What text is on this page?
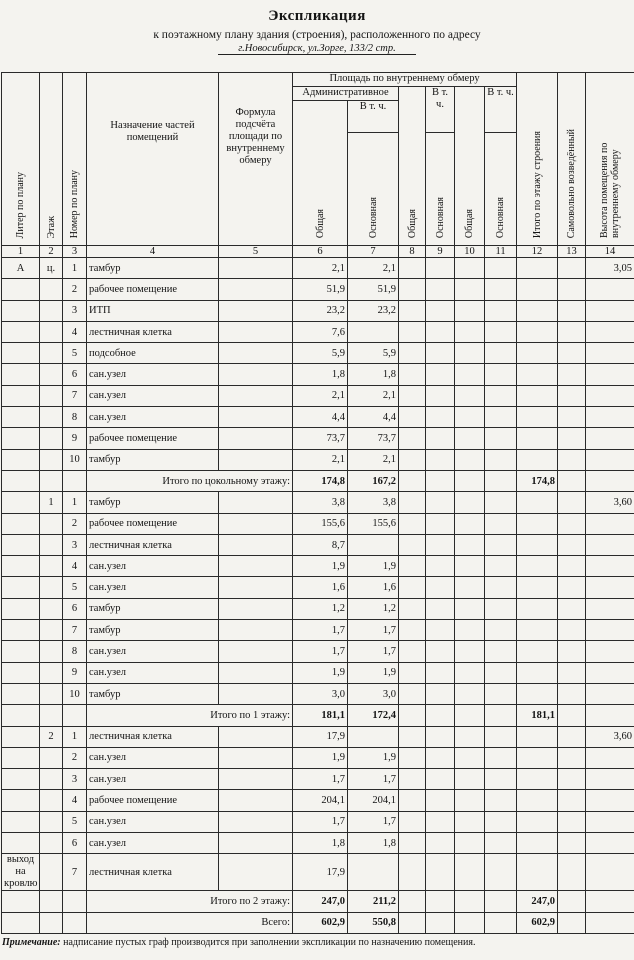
Экспликация
к поэтажному плану здания (строения), расположенного по адресу
г.Новосибирск, ул.Зорге, 133/2 стр.
Литер по плану	Этаж	Номер по плану	Назначение частей помещений	Формула подсчёта площади по внутреннему обмеру	Площадь по внутреннему обмеру						Итого по этажу строения	Самовольно возведённый	Высота помещения по внутреннему обмеру
					Административное		Общая	В т. ч.	Общая	В т. ч.			
					Общая	В т. ч.							
						Основная		Основная		Основная			
1	2	3	4	5	6	7	8	9	10	11	12	13	14
А	ц.	1	тамбур		2,1	2,1							3,05
		2	рабочее помещение		51,9	51,9							
		3	ИТП		23,2	23,2							
		4	лестничная клетка		7,6								
		5	подсобное		5,9	5,9							
		6	сан.узел		1,8	1,8							
		7	сан.узел		2,1	2,1							
		8	сан.узел		4,4	4,4							
		9	рабочее помещение		73,7	73,7							
		10	тамбур		2,1	2,1							
			Итого по цокольному этажу:		174,8	167,2					174,8		
	1	1	тамбур		3,8	3,8							3,60
		2	рабочее помещение		155,6	155,6							
		3	лестничная клетка		8,7								
		4	сан.узел		1,9	1,9							
		5	сан.узел		1,6	1,6							
		6	тамбур		1,2	1,2							
		7	тамбур		1,7	1,7							
		8	сан.узел		1,7	1,7							
		9	сан.узел		1,9	1,9							
		10	тамбур		3,0	3,0							
			Итого по 1 этажу:		181,1	172,4					181,1		
	2	1	лестничная клетка		17,9								3,60
		2	сан.узел		1,9	1,9							
		3	сан.узел		1,7	1,7							
		4	рабочее помещение		204,1	204,1							
		5	сан.узел		1,7	1,7							
		6	сан.узел		1,8	1,8							
выход на кровлю		7	лестничная клетка		17,9								
			Итого по 2 этажу:		247,0	211,2					247,0		
			Всего:		602,9	550,8					602,9		
Примечание: надписание пустых граф производится при заполнении экспликации по назначению помещения.
